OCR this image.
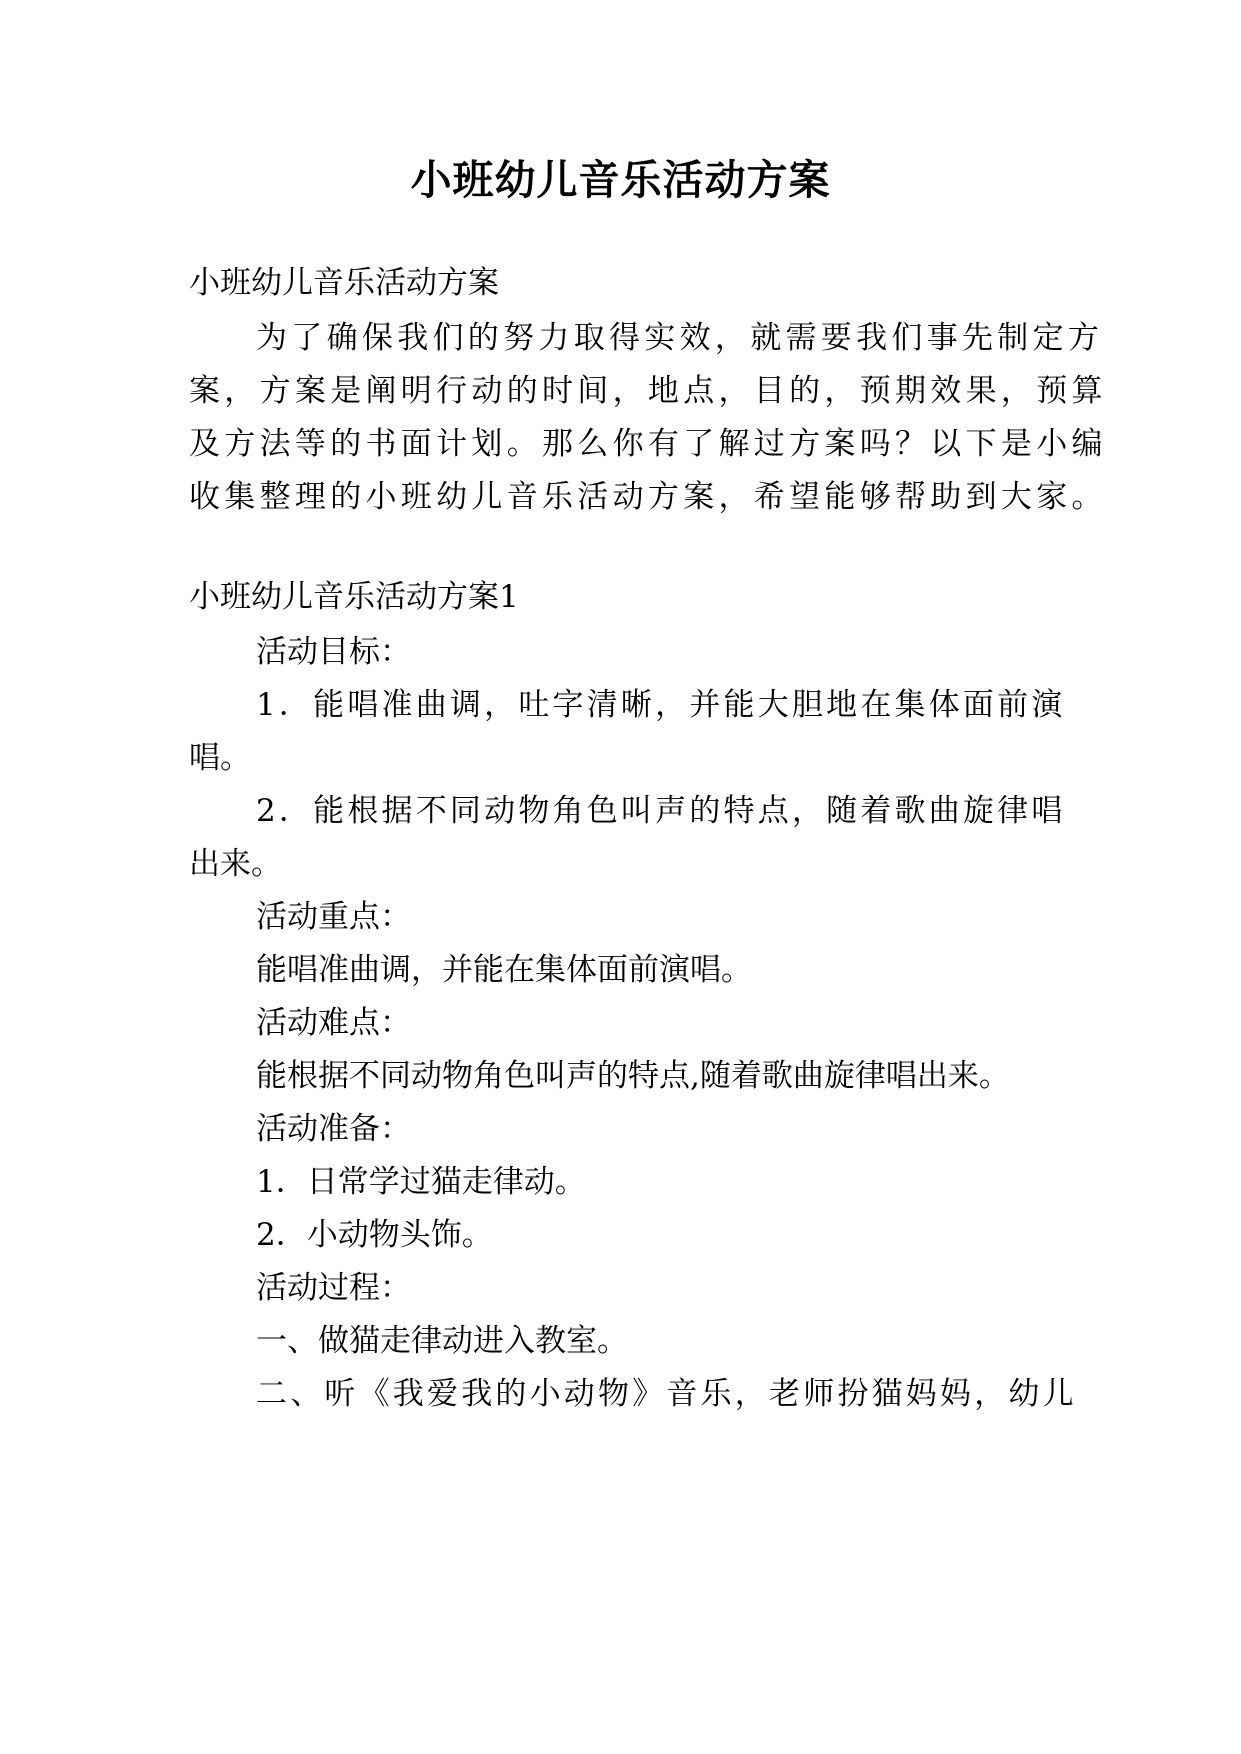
小班幼儿音乐活动方案

小班幼儿音乐活动方案

为了确保我们的努力取得实效，就需要我们事先制定方

案，方案是阐明行动的时间，地点，目的，预期效果，预算

及方法等的书面计划。那么你有了解过方案吗？以下是小编

收集整理的小班幼儿音乐活动方案，希望能够帮助到大家。

小班幼儿音乐活动方案1

活动目标：

1．能唱准曲调，吐字清晰，并能大胆地在集体面前演

唱。

2．能根据不同动物角色叫声的特点，随着歌曲旋律唱

出来。

活动重点：

能唱准曲调，并能在集体面前演唱。

活动难点：

能根据不同动物角色叫声的特点,随着歌曲旋律唱出来。

活动准备：

1．日常学过猫走律动。

2．小动物头饰。

活动过程：

一、做猫走律动进入教室。

二、听《我爱我的小动物》音乐，老师扮猫妈妈，幼儿
